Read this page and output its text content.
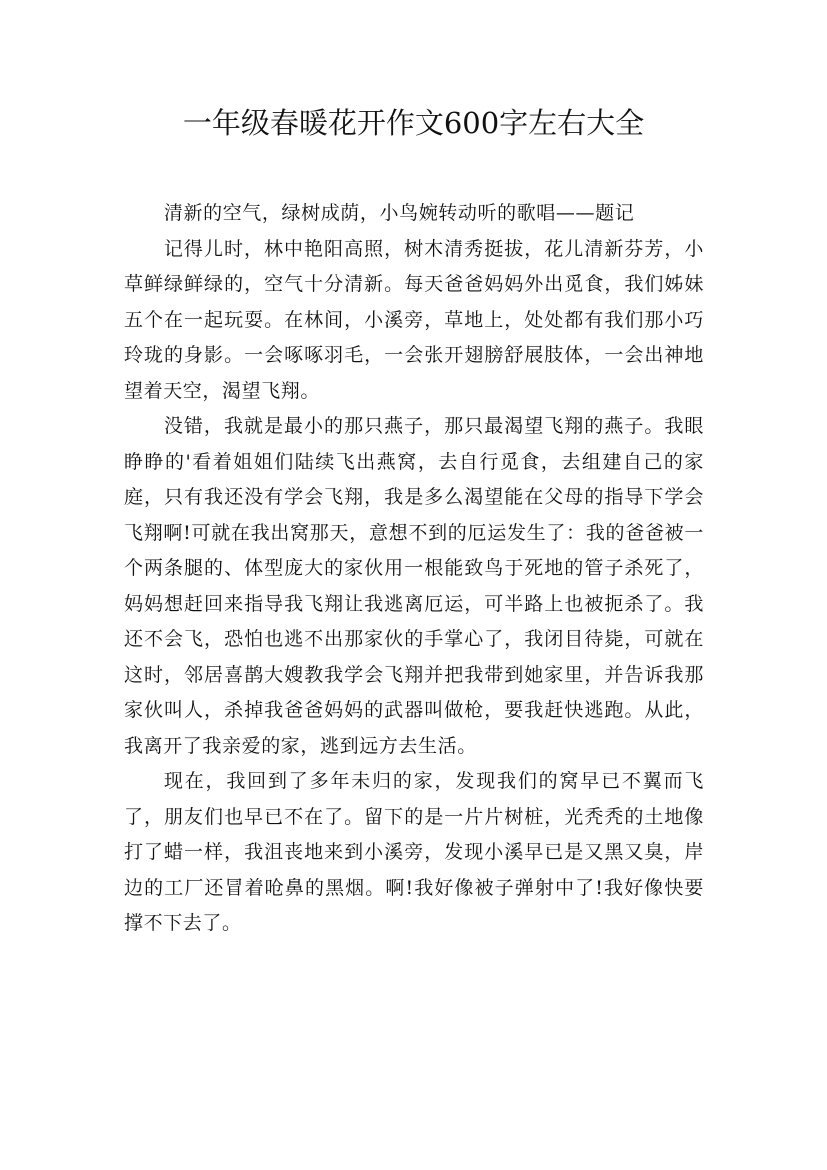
一年级春暖花开作文600字左右大全

清新的空气，绿树成荫，小鸟婉转动听的歌唱——题记

记得儿时，林中艳阳高照，树木清秀挺拔，花儿清新芬芳，小草鲜绿鲜绿的，空气十分清新。每天爸爸妈妈外出觅食，我们姊妹五个在一起玩耍。在林间，小溪旁，草地上，处处都有我们那小巧玲珑的身影。一会啄啄羽毛，一会张开翅膀舒展肢体，一会出神地望着天空，渴望飞翔。

没错，我就是最小的那只燕子，那只最渴望飞翔的燕子。我眼睁睁的'看着姐姐们陆续飞出燕窝，去自行觅食，去组建自己的家庭，只有我还没有学会飞翔，我是多么渴望能在父母的指导下学会飞翔啊!可就在我出窝那天，意想不到的厄运发生了：我的爸爸被一个两条腿的、体型庞大的家伙用一根能致鸟于死地的管子杀死了，妈妈想赶回来指导我飞翔让我逃离厄运，可半路上也被扼杀了。我还不会飞，恐怕也逃不出那家伙的手掌心了，我闭目待毙，可就在这时，邻居喜鹊大嫂教我学会飞翔并把我带到她家里，并告诉我那家伙叫人，杀掉我爸爸妈妈的武器叫做枪，要我赶快逃跑。从此，我离开了我亲爱的家，逃到远方去生活。

现在，我回到了多年未归的家，发现我们的窝早已不翼而飞了，朋友们也早已不在了。留下的是一片片树桩，光秃秃的土地像打了蜡一样，我沮丧地来到小溪旁，发现小溪早已是又黑又臭，岸边的工厂还冒着呛鼻的黑烟。啊!我好像被子弹射中了!我好像快要撑不下去了。
